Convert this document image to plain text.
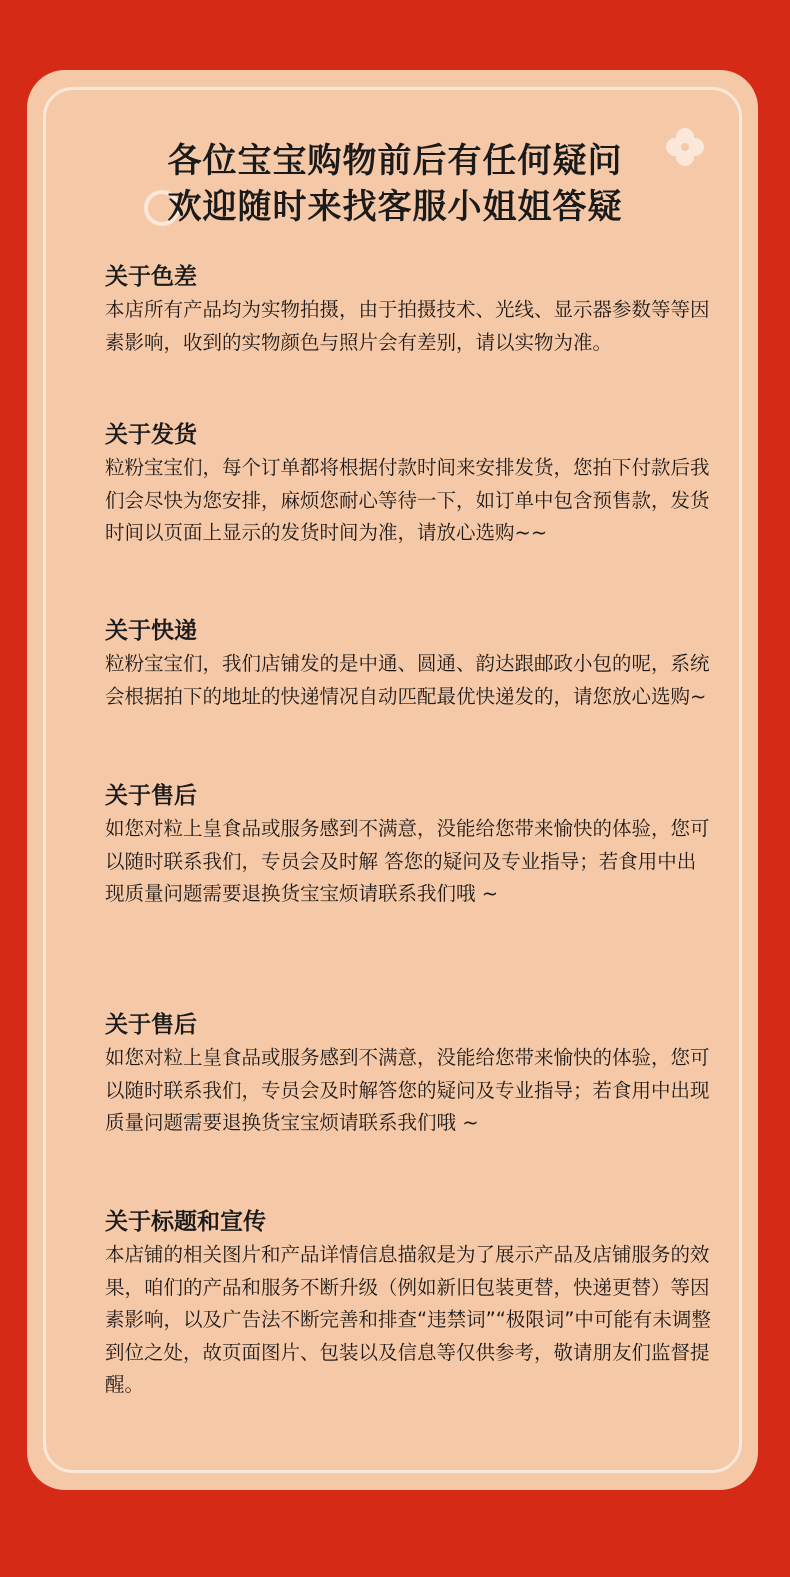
各位宝宝购物前后有任何疑问
欢迎随时来找客服小姐姐答疑
关于色差
本店所有产品均为实物拍摄，由于拍摄技术、光线、显示器参数等等因素影响，收到的实物颜色与照片会有差别，请以实物为准。
关于发货
粒粉宝宝们，每个订单都将根据付款时间来安排发货，您拍下付款后我们会尽快为您安排，麻烦您耐心等待一下，如订单中包含预售款，发货时间以页面上显示的发货时间为准，请放心选购~~
关于快递
粒粉宝宝们，我们店铺发的是中通、圆通、韵达跟邮政小包的呢，系统会根据拍下的地址的快递情况自动匹配最优快递发的，请您放心选购~
关于售后
如您对粒上皇食品或服务感到不满意，没能给您带来愉快的体验，您可以随时联系我们，专员会及时解 答您的疑问及专业指导；若食用中出现质量问题需要退换货宝宝烦请联系我们哦 ~
关于售后
如您对粒上皇食品或服务感到不满意，没能给您带来愉快的体验，您可以随时联系我们，专员会及时解答您的疑问及专业指导；若食用中出现质量问题需要退换货宝宝烦请联系我们哦 ~
关于标题和宣传
本店铺的相关图片和产品详情信息描叙是为了展示产品及店铺服务的效果，咱们的产品和服务不断升级（例如新旧包装更替，快递更替）等因素影响，以及广告法不断完善和排查“违禁词”“极限词”中可能有未调整到位之处，故页面图片、包装以及信息等仅供参考，敬请朋友们监督提醒。
